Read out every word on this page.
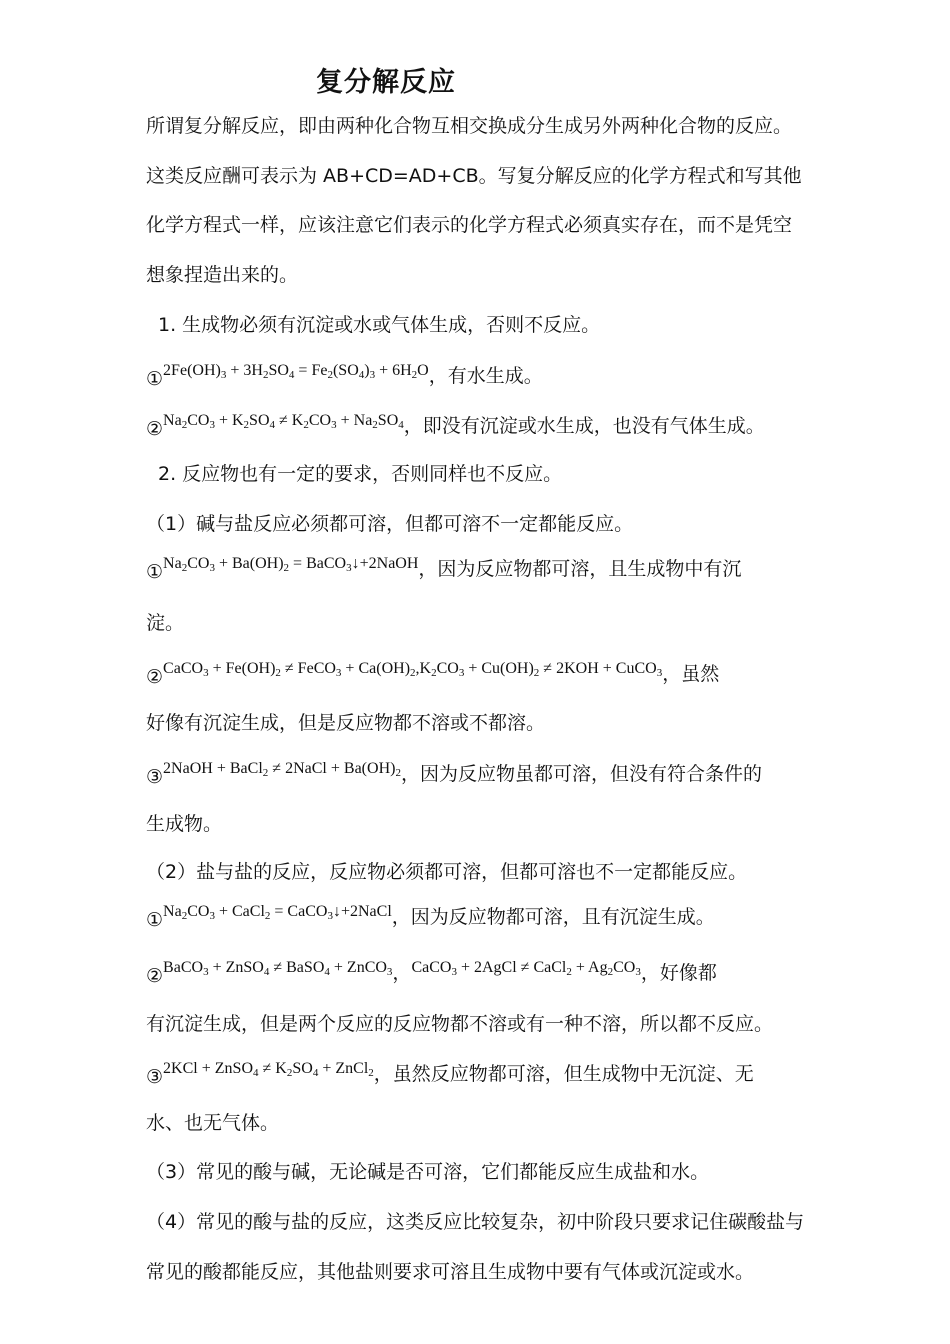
复分解反应
所谓复分解反应，即由两种化合物互相交换成分生成另外两种化合物的反应。
这类反应酬可表示为 AB+CD=AD+CB。写复分解反应的化学方程式和写其他
化学方程式一样，应该注意它们表示的化学方程式必须真实存在，而不是凭空
想象捏造出来的。
1. 生成物必须有沉淀或水或气体生成，否则不反应。
①$^{2Fe(OH)_3 + 3H_2SO_4 = Fe_2(SO_4)_3 + 6H_2O}$，有水生成。
②$^{Na_2CO_3 + K_2SO_4 \ne K_2CO_3 + Na_2SO_4}$，即没有沉淀或水生成，也没有气体生成。
2. 反应物也有一定的要求，否则同样也不反应。
（1）碱与盐反应必须都可溶，但都可溶不一定都能反应。
①$^{Na_2CO_3 + Ba(OH)_2 = BaCO_3↓+2NaOH}$，因为反应物都可溶，且生成物中有沉
淀。
②$^{CaCO_3 + Fe(OH)_2 \ne FeCO_3 + Ca(OH)_2,K_2CO_3 + Cu(OH)_2 \ne 2KOH + CuCO_3}$，虽然
好像有沉淀生成，但是反应物都不溶或不都溶。
③$^{2NaOH + BaCl_2 \ne 2NaCl + Ba(OH)_2}$，因为反应物虽都可溶，但没有符合条件的
生成物。
（2）盐与盐的反应，反应物必须都可溶，但都可溶也不一定都能反应。
①$^{Na_2CO_3 + CaCl_2 = CaCO_3↓+2NaCl}$，因为反应物都可溶，且有沉淀生成。
②$^{BaCO_3 + ZnSO_4 \ne BaSO_4 + ZnCO_3}$，$^{CaCO_3 + 2AgCl \ne CaCl_2 + Ag_2CO_3}$，好像都
有沉淀生成，但是两个反应的反应物都不溶或有一种不溶，所以都不反应。
③$^{2KCl + ZnSO_4 \ne K_2SO_4 + ZnCl_2}$，虽然反应物都可溶，但生成物中无沉淀、无
水、也无气体。
（3）常见的酸与碱，无论碱是否可溶，它们都能反应生成盐和水。
（4）常见的酸与盐的反应，这类反应比较复杂，初中阶段只要求记住碳酸盐与
常见的酸都能反应，其他盐则要求可溶且生成物中要有气体或沉淀或水。
